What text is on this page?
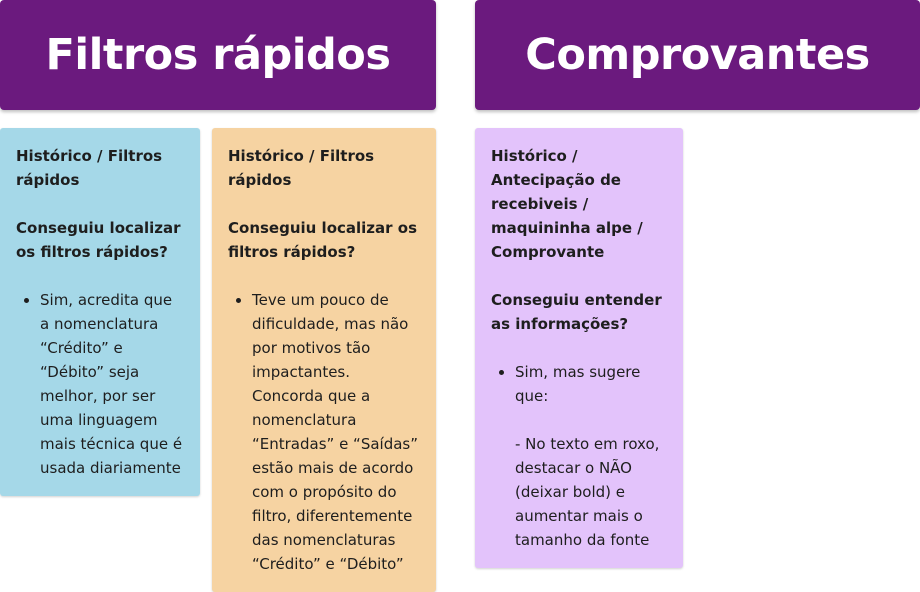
Filtros rápidos	Comprovantes

Histórico / Filtros rápidos

Conseguiu localizar os filtros rápidos?

• Sim, acredita que a nomenclatura “Crédito” e “Débito” seja melhor, por ser uma linguagem mais técnica que é usada diariamente

Histórico / Filtros rápidos

Conseguiu localizar os filtros rápidos?

• Teve um pouco de dificuldade, mas não por motivos tão impactantes. Concorda que a nomenclatura “Entradas” e “Saídas” estão mais de acordo com o propósito do filtro, diferentemente das nomenclaturas “Crédito” e “Débito”

Histórico / Antecipação de recebiveis / maquininha alpe / Comprovante

Conseguiu entender as informações?

• Sim, mas sugere que:

- No texto em roxo, destacar o NÃO (deixar bold) e aumentar mais o tamanho da fonte
